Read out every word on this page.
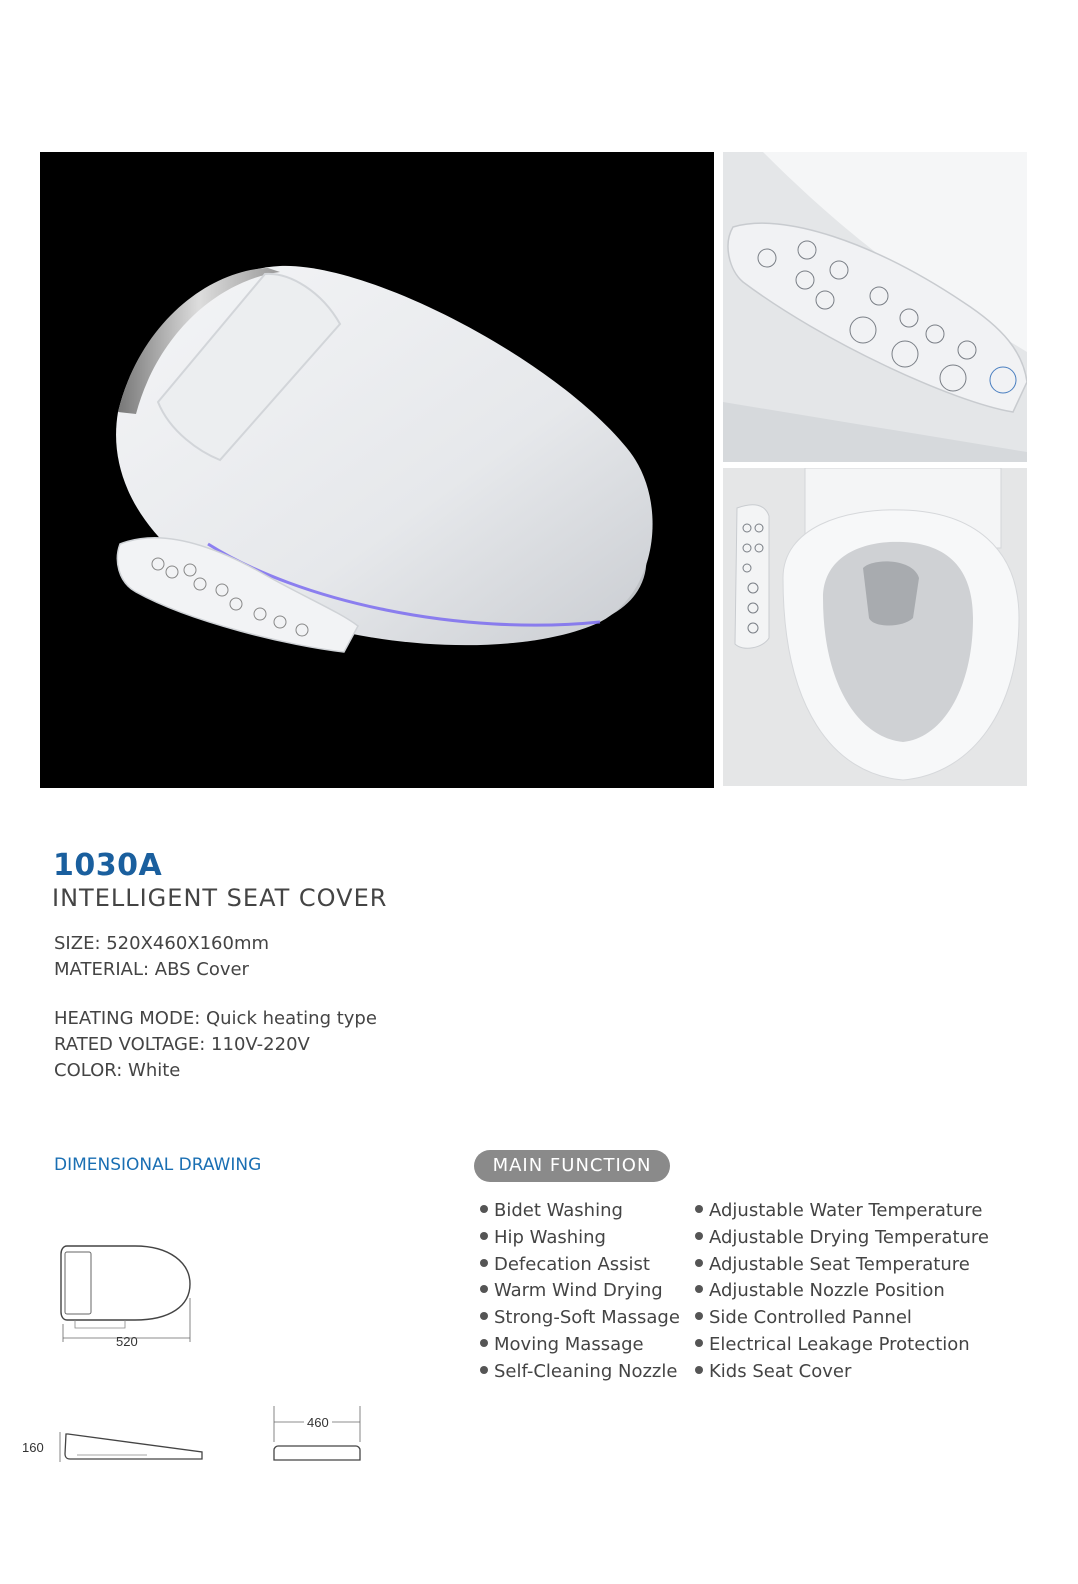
1030A
INTELLIGENT SEAT COVER
SIZE: 520X460X160mm
MATERIAL: ABS Cover
HEATING MODE: Quick heating type
RATED VOLTAGE: 110V-220V
COLOR: White
DIMENSIONAL DRAWING
520
160
460
MAIN FUNCTION
Bidet Washing
Hip Washing
Defecation Assist
Warm Wind Drying
Strong-Soft Massage
Moving Massage
Self-Cleaning Nozzle
Adjustable Water Temperature
Adjustable Drying Temperature
Adjustable Seat Temperature
Adjustable Nozzle Position
Side Controlled Pannel
Electrical Leakage Protection
Kids Seat Cover
